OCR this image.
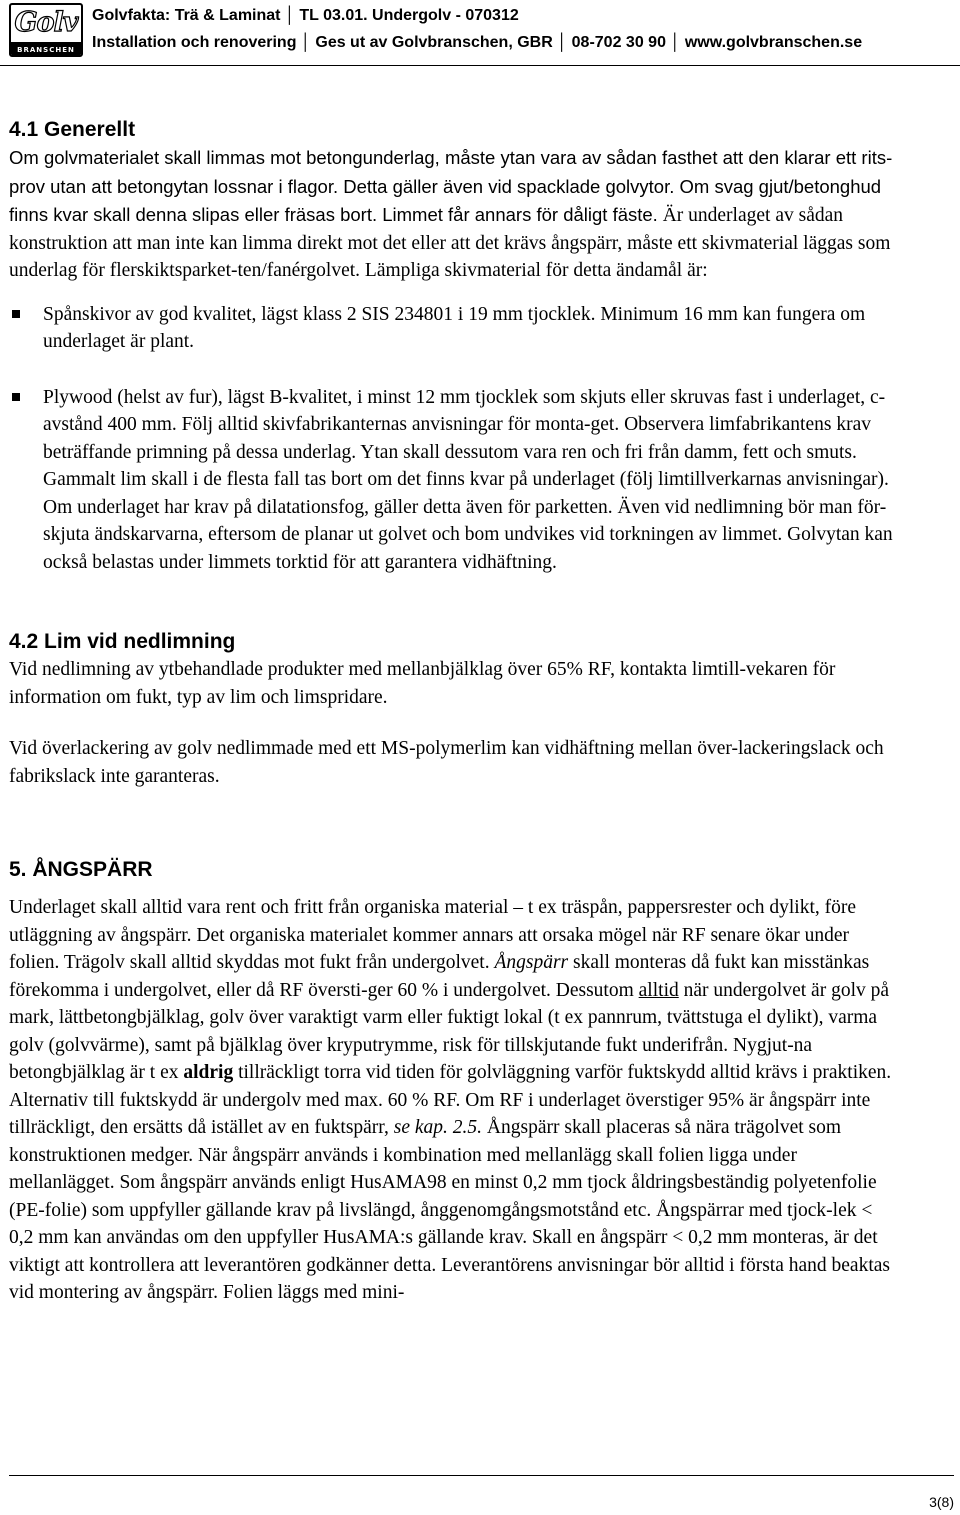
Golv
BRANSCHEN
Golvfakta: Trä & Laminat │ TL 03.01. Undergolv - 070312
Installation och renovering │ Ges ut av Golvbranschen, GBR │ 08-702 30 90 │ www.golvbranschen.se
4.1 Generellt

Om golvmaterialet skall limmas mot betongunderlag, måste ytan vara av sådan fasthet att den klarar ett rits-prov utan att betongytan lossnar i flagor. Detta gäller även vid spacklade golvytor. Om svag gjut/betonghud finns kvar skall denna slipas eller fräsas bort. Limmet får annars för dåligt fäste. Är underlaget av sådan konstruktion att man inte kan limma direkt mot det eller att det krävs ångspärr, måste ett skivmaterial läggas som underlag för flerskiktsparket-ten/fanérgolvet. Lämpliga skivmaterial för detta ändamål är:

Spånskivor av god kvalitet, lägst klass 2 SIS 234801 i 19 mm tjocklek. Minimum 16 mm kan fungera om underlaget är plant.
Plywood (helst av fur), lägst B-kvalitet, i minst 12 mm tjocklek som skjuts eller skruvas fast i underlaget, c-avstånd 400 mm. Följ alltid skivfabrikanternas anvisningar för monta-get. Observera limfabrikantens krav beträffande primning på dessa underlag. Ytan skall dessutom vara ren och fri från damm, fett och smuts. Gammalt lim skall i de flesta fall tas bort om det finns kvar på underlaget (följ limtillverkarnas anvisningar). Om underlaget har krav på dilatationsfog, gäller detta även för parketten. Även vid nedlimning bör man för-skjuta ändskarvarna, eftersom de planar ut golvet och bom undvikes vid torkningen av limmet. Golvytan kan också belastas under limmets torktid för att garantera vidhäftning.
4.2 Lim vid nedlimning

Vid nedlimning av ytbehandlade produkter med mellanbjälklag över 65% RF, kontakta limtill-vekaren för information om fukt, typ av lim och limspridare.

Vid överlackering av golv nedlimmade med ett MS-polymerlim kan vidhäftning mellan över-lackeringslack och fabrikslack inte garanteras.

5. ÅNGSPÄRR

Underlaget skall alltid vara rent och fritt från organiska material – t ex träspån, pappersrester och dylikt, före utläggning av ångspärr. Det organiska materialet kommer annars att orsaka mögel när RF senare ökar under folien. Trägolv skall alltid skyddas mot fukt från undergolvet. Ångspärr skall monteras då fukt kan misstänkas förekomma i undergolvet, eller då RF översti-ger 60 % i undergolvet. Dessutom alltid när undergolvet är golv på mark, lättbetongbjälklag, golv över varaktigt varm eller fuktigt lokal (t ex pannrum, tvättstuga el dylikt), varma golv (golvvärme), samt på bjälklag över kryputrymme, risk för tillskjutande fukt underifrån. Nygjut-na betongbjälklag är t ex aldrig tillräckligt torra vid tiden för golvläggning varför fuktskydd alltid krävs i praktiken. Alternativ till fuktskydd är undergolv med max. 60 % RF. Om RF i underlaget överstiger 95% är ångspärr inte tillräckligt, den ersätts då istället av en fuktspärr, se kap. 2.5. Ångspärr skall placeras så nära trägolvet som konstruktionen medger. När ångspärr används i kombination med mellanlägg skall folien ligga under mellanlägget. Som ångspärr används enligt HusAMA98 en minst 0,2 mm tjock åldringsbeständig polyetenfolie (PE-folie) som uppfyller gällande krav på livslängd, ånggenomgångsmotstånd etc. Ångspärrar med tjock-lek < 0,2 mm kan användas om den uppfyller HusAMA:s gällande krav. Skall en ångspärr < 0,2 mm monteras, är det viktigt att kontrollera att leverantören godkänner detta. Leverantörens anvisningar bör alltid i första hand beaktas vid montering av ångspärr. Folien läggs med mini-

3(8)
